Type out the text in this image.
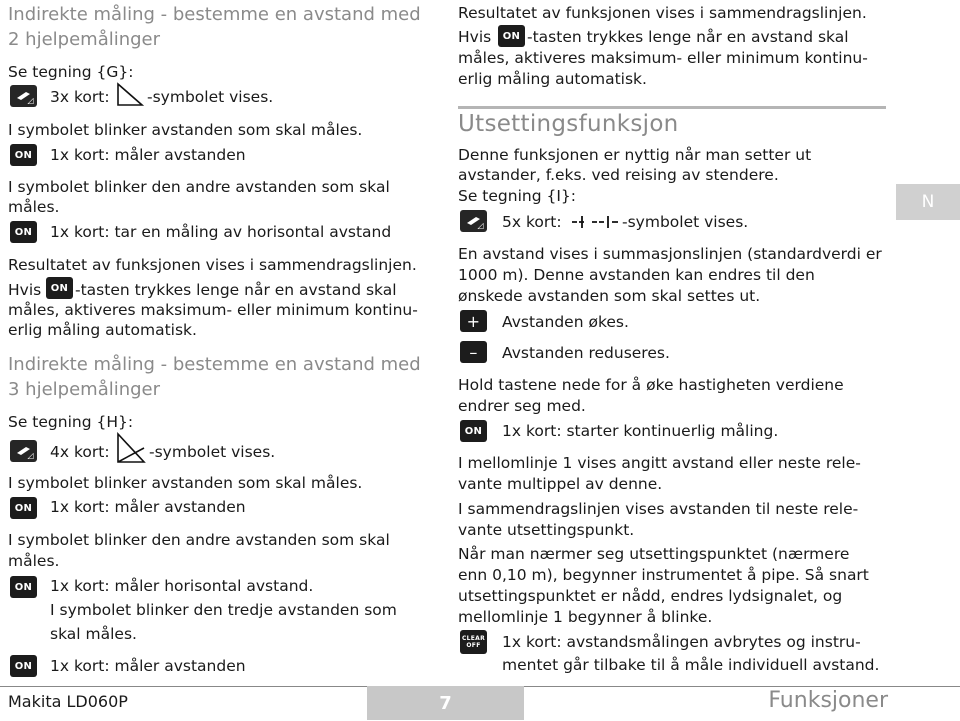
Indirekte måling - bestemme en avstand med
2 hjelpemålinger
Se tegning {G}:
◿ 3x kort: -symbolet vises.
I symbolet blinker avstanden som skal måles.
ON	1x kort: måler avstanden
I symbolet blinker den andre avstanden som skal
måles.
ON	1x kort: tar en måling av horisontal avstand
Resultatet av funksjonen vises i sammendragslinjen.
Hvis ON -tasten trykkes lenge når en avstand skal
måles, aktiveres maksimum- eller minimum kontinu-
erlig måling automatisk.
Indirekte måling - bestemme en avstand med
3 hjelpemålinger
Se tegning {H}:
◿ 4x kort:	-symbolet vises.
I symbolet blinker avstanden som skal måles.
ON	1x kort: måler avstanden
I symbolet blinker den andre avstanden som skal
måles.
ON	1x kort: måler horisontal avstand.
I symbolet blinker den tredje avstanden som
skal måles.
ON	1x kort: måler avstanden
Resultatet av funksjonen vises i sammendragslinjen.
Hvis	ON -tasten trykkes lenge når en avstand skal
måles, aktiveres maksimum- eller minimum kontinu-
erlig måling automatisk.
Utsettingsfunksjon
Denne funksjonen er nyttig når man setter ut
avstander, f.eks. ved reising av stendere.
Se tegning {I}:
◿ 5x kort:	-symbolet vises.
En avstand vises i summasjonslinjen (standardverdi er
1000 m). Denne avstanden kan endres til den
ønskede avstanden som skal settes ut.
+	Avstanden økes.
–	Avstanden reduseres.
Hold tastene nede for å øke hastigheten verdiene
endrer seg med.
ON	1x kort: starter kontinuerlig måling.
I mellomlinje 1 vises angitt avstand eller neste rele-
vante multippel av denne.
I sammendragslinjen vises avstanden til neste rele-
vante utsettingspunkt.
Når man nærmer seg utsettingspunktet (nærmere
enn 0,10 m), begynner instrumentet å pipe. Så snart
utsettingspunktet er nådd, endres lydsignalet, og
mellomlinje 1 begynner å blinke.
CLEAR
OFF 1x kort: avstandsmålingen avbrytes og instru-
mentet går tilbake til å måle individuell avstand.
N
Makita LD060P	7	Funksjoner
